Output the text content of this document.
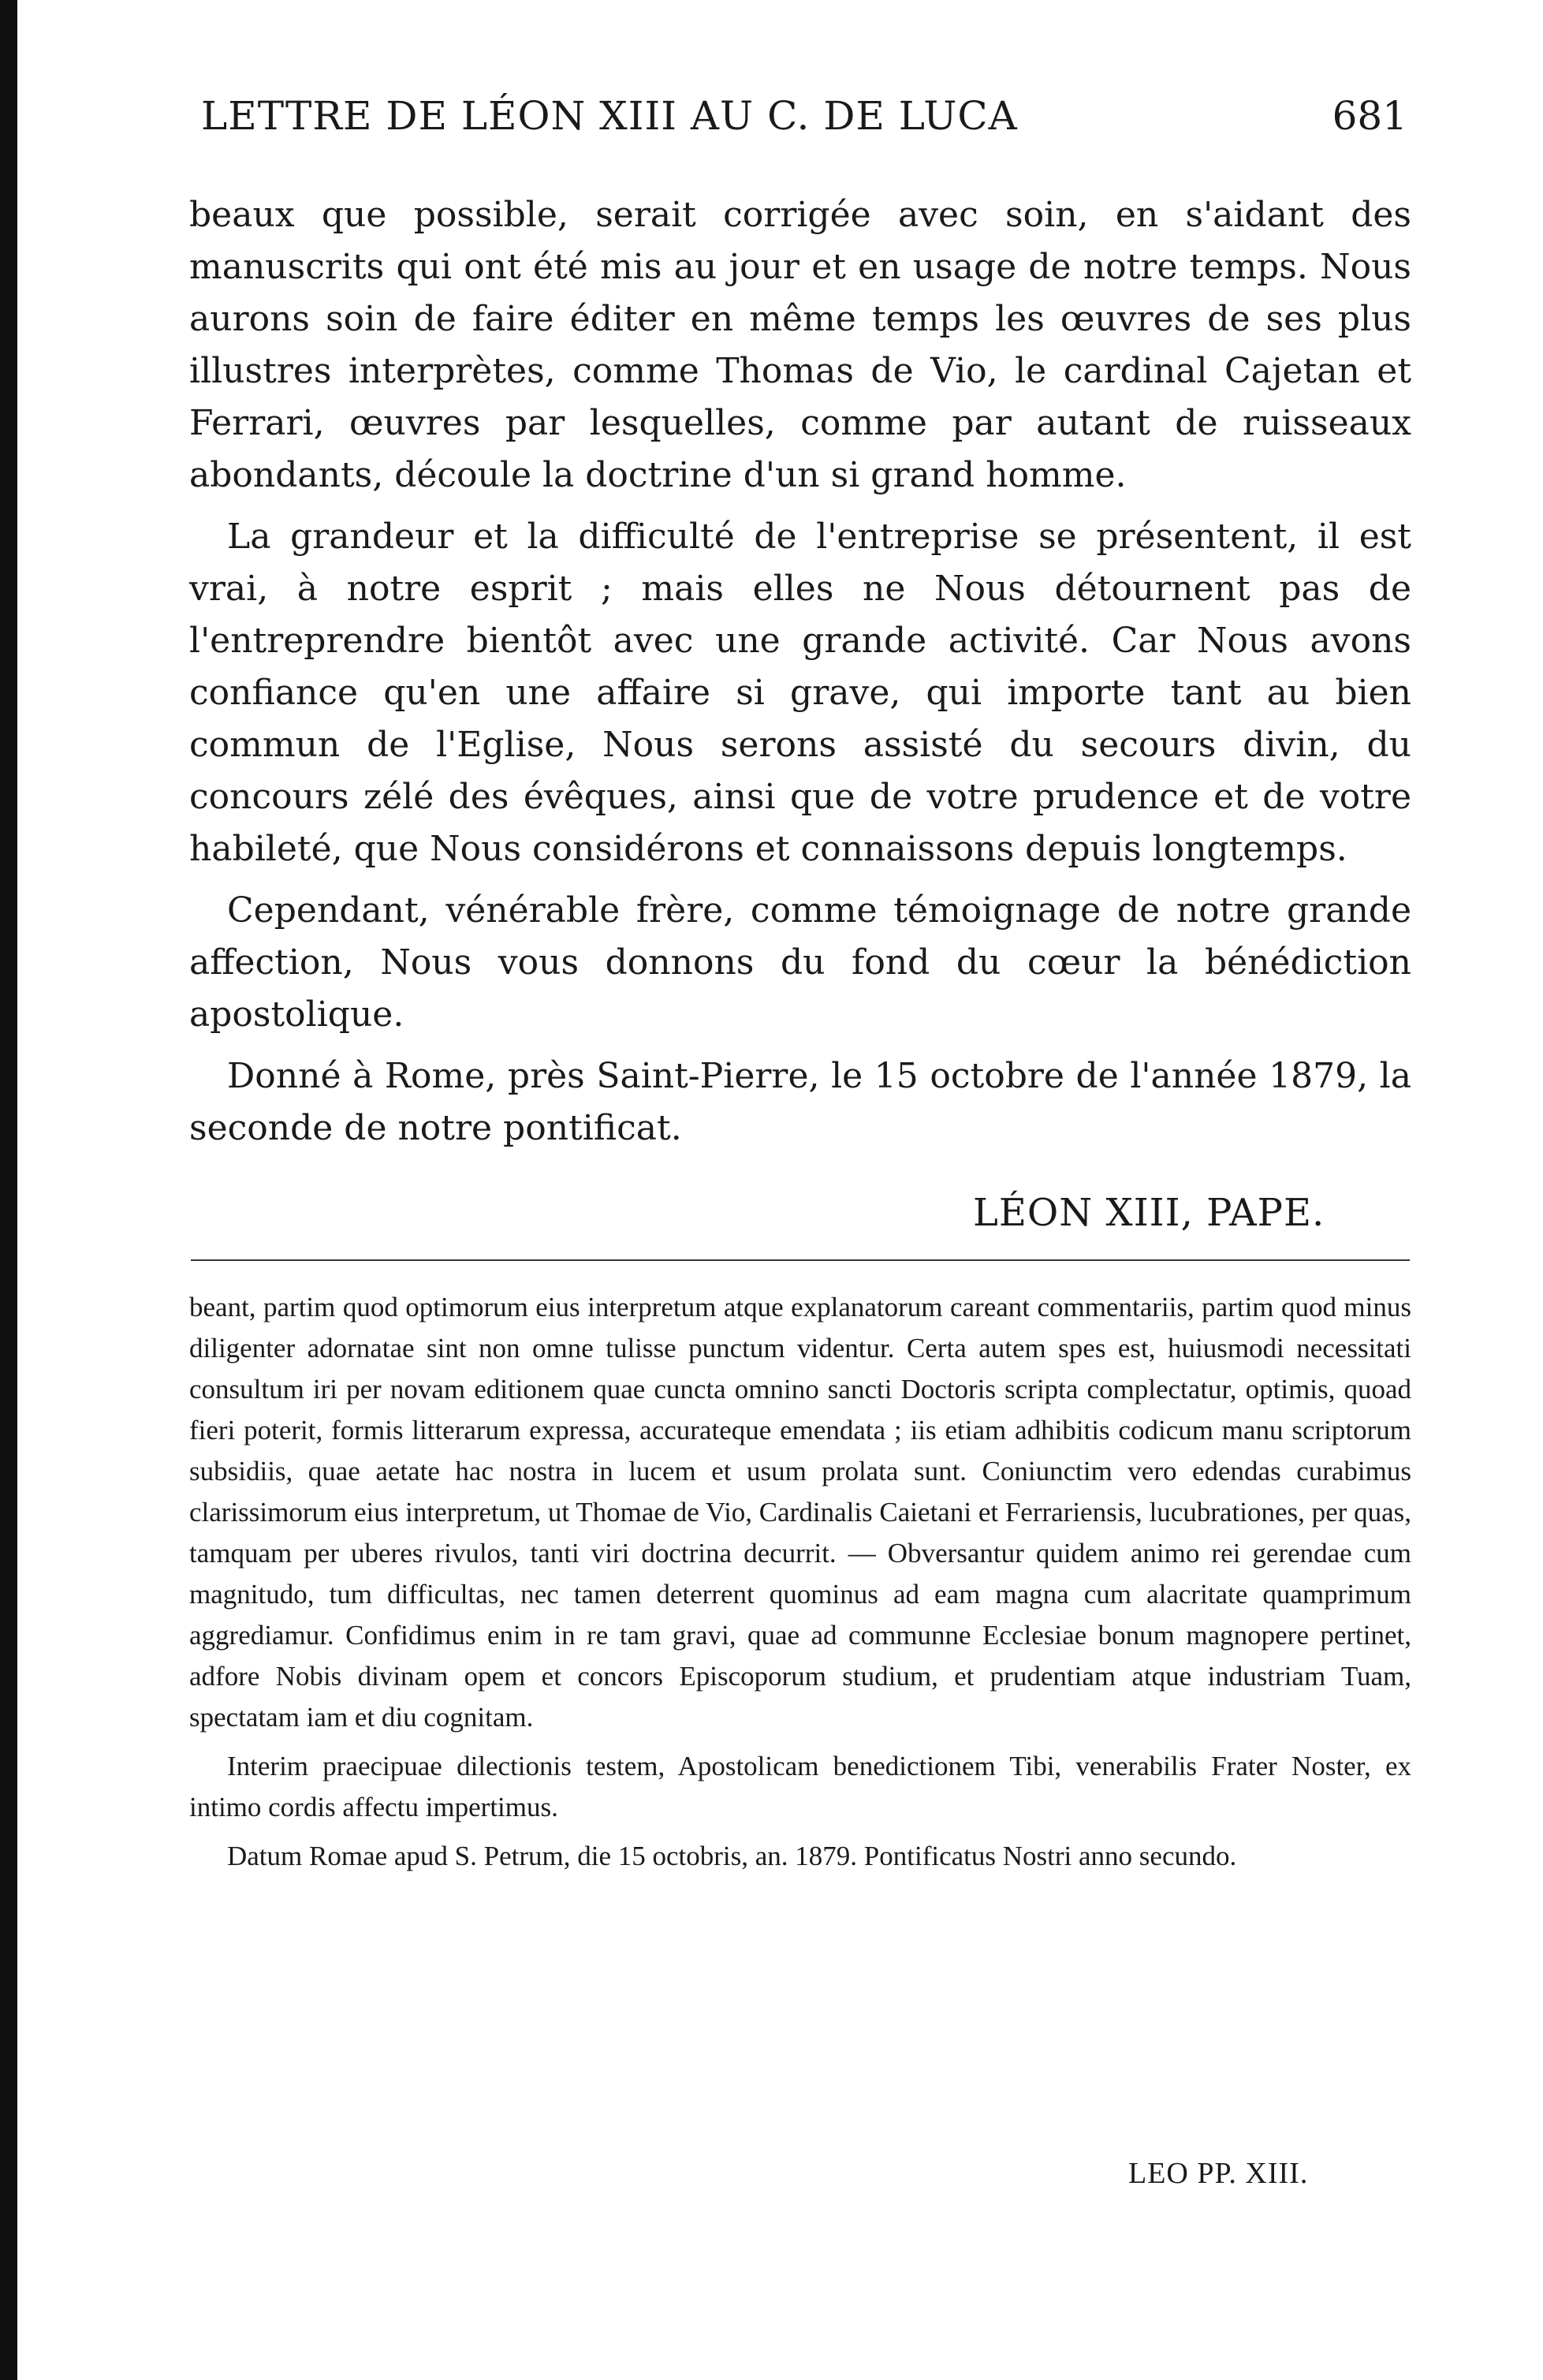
LETTRE DE LÉON XIII AU C. DE LUCA	681

beaux que possible, serait corrigée avec soin, en s'aidant des manuscrits qui ont été mis au jour et en usage de notre temps. Nous aurons soin de faire éditer en même temps les œuvres de ses plus illustres interprètes, comme Thomas de Vio, le cardinal Cajetan et Ferrari, œuvres par lesquelles, comme par autant de ruisseaux abondants, découle la doctrine d'un si grand homme.

La grandeur et la difficulté de l'entreprise se présentent, il est vrai, à notre esprit ; mais elles ne Nous détournent pas de l'entreprendre bientôt avec une grande activité. Car Nous avons confiance qu'en une affaire si grave, qui importe tant au bien commun de l'Eglise, Nous serons assisté du secours divin, du concours zélé des évêques, ainsi que de votre prudence et de votre habileté, que Nous considérons et connaissons depuis longtemps.

Cependant, vénérable frère, comme témoignage de notre grande affection, Nous vous donnons du fond du cœur la bénédiction apostolique.

Donné à Rome, près Saint-Pierre, le 15 octobre de l'année 1879, la seconde de notre pontificat.

LÉON XIII, PAPE.

beant, partim quod optimorum eius interpretum atque explanatorum careant commentariis, partim quod minus diligenter adornatae sint non omne tulisse punctum videntur. Certa autem spes est, huiusmodi necessitati consultum iri per novam editionem quae cuncta omnino sancti Doctoris scripta complectatur, optimis, quoad fieri poterit, formis litterarum expressa, accurateque emendata ; iis etiam adhibitis codicum manu scriptorum subsidiis, quae aetate hac nostra in lucem et usum prolata sunt. Coniunctim vero edendas curabimus clarissimorum eius interpretum, ut Thomae de Vio, Cardinalis Caietani et Ferrariensis, lucubrationes, per quas, tamquam per uberes rivulos, tanti viri doctrina decurrit. — Obversantur quidem animo rei gerendae cum magnitudo, tum difficultas, nec tamen deterrent quominus ad eam magna cum alacritate quamprimum aggrediamur. Confidimus enim in re tam gravi, quae ad communne Ecclesiae bonum magnopere pertinet, adfore Nobis divinam opem et concors Episcoporum studium, et prudentiam atque industriam Tuam, spectatam iam et diu cognitam.

Interim praecipuae dilectionis testem, Apostolicam benedictionem Tibi, venerabilis Frater Noster, ex intimo cordis affectu impertimus.

Datum Romae apud S. Petrum, die 15 octobris, an. 1879. Pontificatus Nostri anno secundo.

LEO PP. XIII.
